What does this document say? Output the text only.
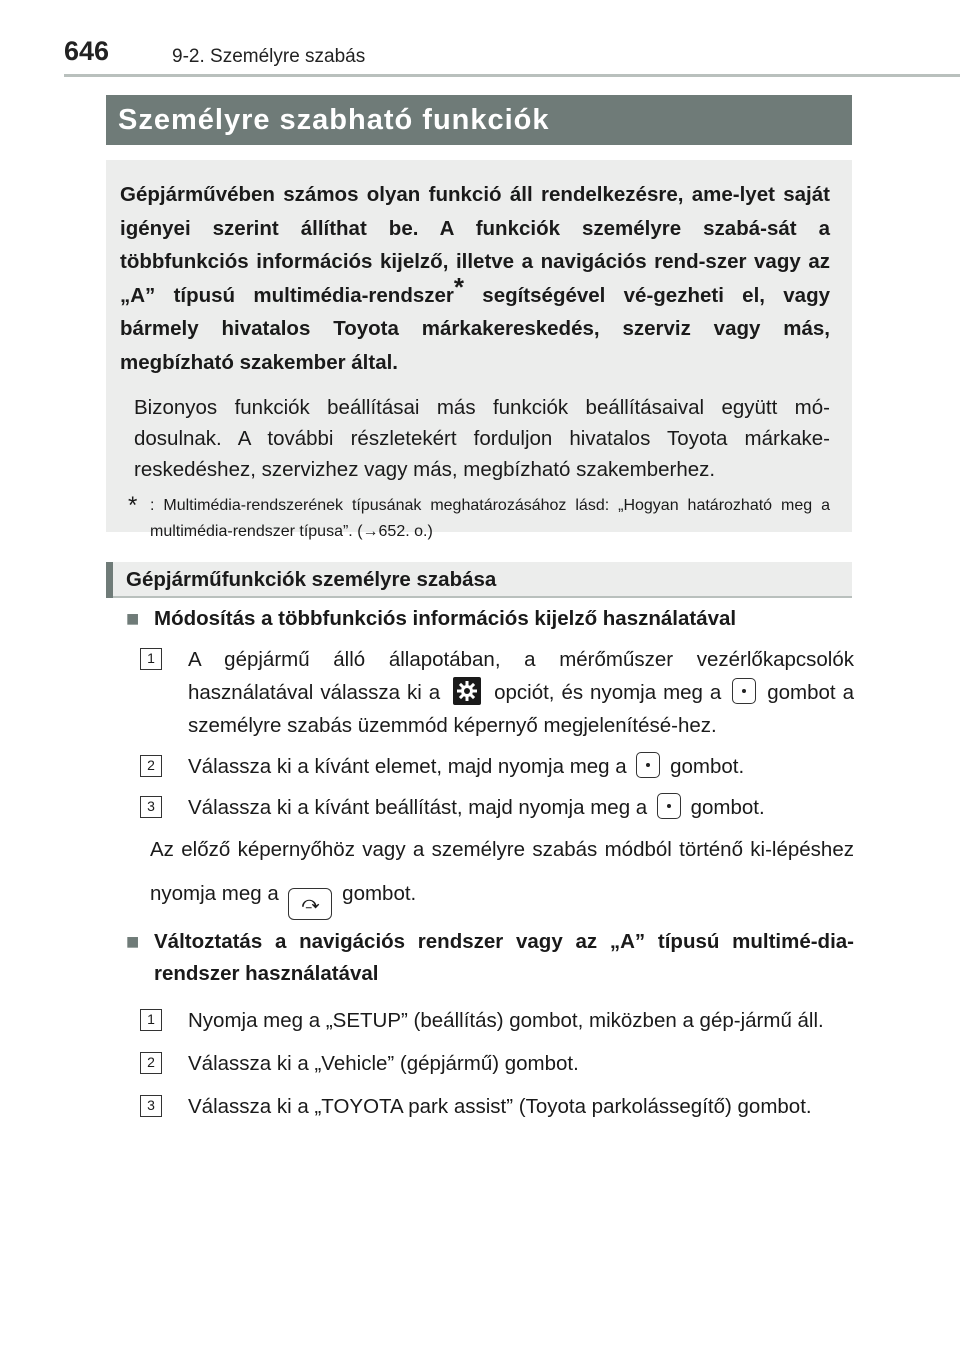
646	9-2. Személyre szabás
Személyre szabható funkciók

Gépjárművében számos olyan funkció áll rendelkezésre, ame-lyet saját igényei szerint állíthat be. A funkciók személyre szabá-sát a többfunkciós információs kijelző, illetve a navigációs rend-szer vagy az „A” típusú multimédia-rendszer* segítségével vé-gezheti el, vagy bármely hivatalos Toyota márkakereskedés, szerviz vagy más, megbízható szakember által.

Bizonyos funkciók beállításai más funkciók beállításaival együtt mó-dosulnak. A további részletekért forduljon hivatalos Toyota márkake-reskedéshez, szervizhez vagy más, megbízható szakemberhez.

* : Multimédia-rendszerének típusának meghatározásához lásd: „Hogyan határozható meg a multimédia-rendszer típusa”. (→652. o.)
Gépjárműfunkciók személyre szabása
■ Módosítás a többfunkciós információs kijelző használatával
1	A gépjármű álló állapotában, a mérőműszer vezérlőkapcsolók használatával válassza ki a	opciót, és nyomja meg a gombot a személyre szabás üzemmód képernyő megjelenítésé-hez.
2	Válassza ki a kívánt elemet, majd nyomja meg a gombot.
3	Válassza ki a kívánt beállítást, majd nyomja meg a gombot.
Az előző képernyőhöz vagy a személyre szabás módból történő ki-lépéshez nyomja meg a ⤼ gombot.
■ Változtatás a navigációs rendszer vagy az „A” típusú multimé-dia-rendszer használatával
1	Nyomja meg a „SETUP” (beállítás) gombot, miközben a gép-jármű áll.
2	Válassza ki a „Vehicle” (gépjármű) gombot.
3	Válassza ki a „TOYOTA park assist” (Toyota parkolássegítő) gombot.
